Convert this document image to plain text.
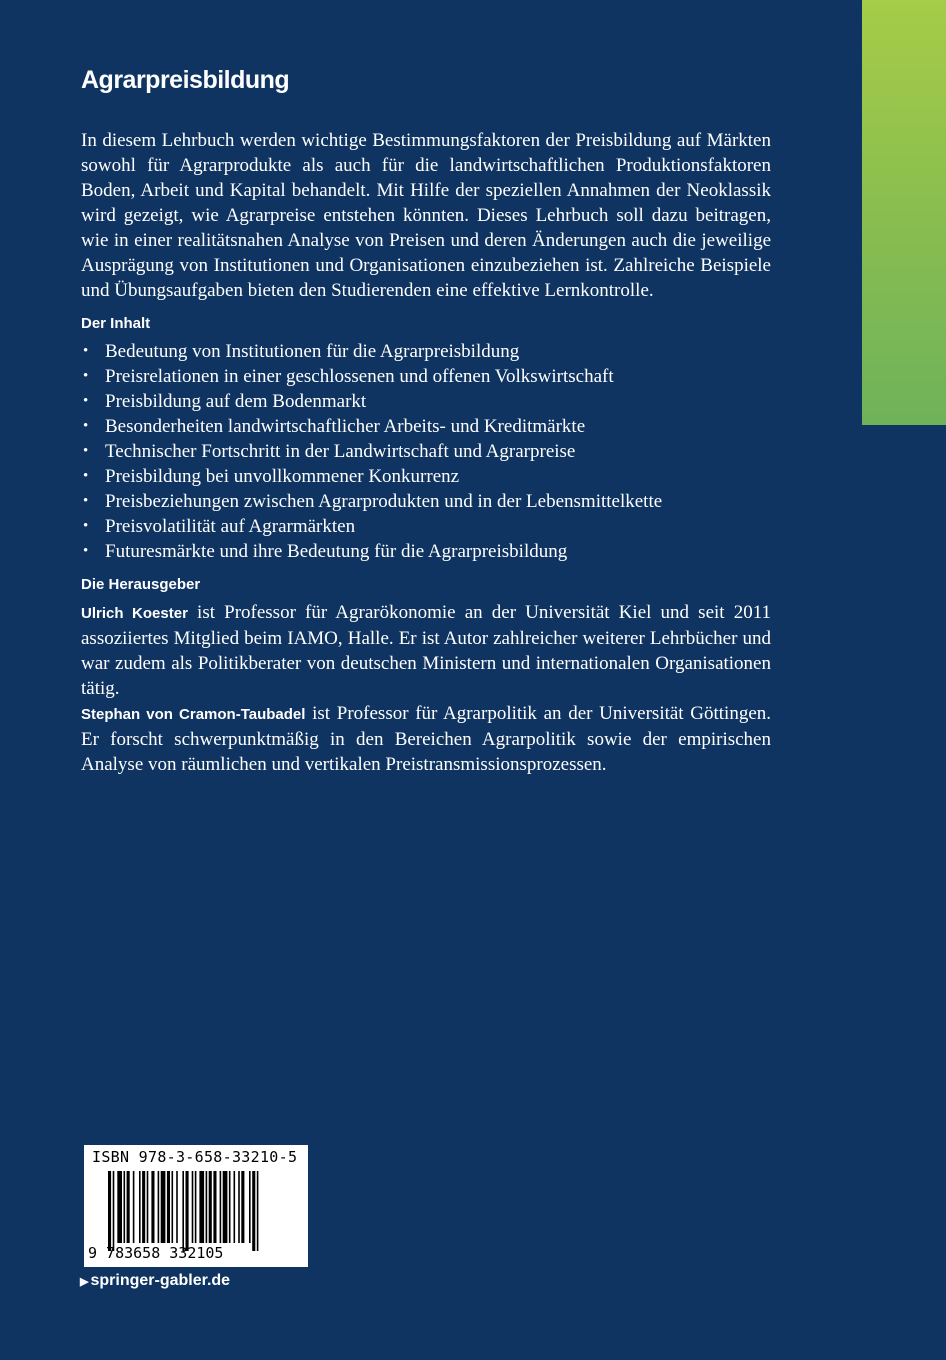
Agrarpreisbildung

In diesem Lehrbuch werden wichtige Bestimmungsfaktoren der Preisbildung auf Märkten sowohl für Agrarprodukte als auch für die landwirtschaftlichen Produktionsfaktoren Boden, Arbeit und Kapital behandelt. Mit Hilfe der speziellen Annahmen der Neoklassik wird gezeigt, wie Agrarpreise entstehen könnten. Dieses Lehrbuch soll dazu beitragen, wie in einer realitätsnahen Analyse von Preisen und deren Änderungen auch die jeweilige Ausprägung von Institutionen und Organisationen einzubeziehen ist. Zahlreiche Beispiele und Übungsaufgaben bieten den Studierenden eine effektive Lernkontrolle.

Der Inhalt
• Bedeutung von Institutionen für die Agrarpreisbildung
• Preisrelationen in einer geschlossenen und offenen Volkswirtschaft
• Preisbildung auf dem Bodenmarkt
• Besonderheiten landwirtschaftlicher Arbeits- und Kreditmärkte
• Technischer Fortschritt in der Landwirtschaft und Agrarpreise
• Preisbildung bei unvollkommener Konkurrenz
• Preisbeziehungen zwischen Agrarprodukten und in der Lebensmittelkette
• Preisvolatilität auf Agrarmärkten
• Futuresmärkte und ihre Bedeutung für die Agrarpreisbildung
Die Herausgeber

Ulrich Koester ist Professor für Agrarökonomie an der Universität Kiel und seit 2011 assoziiertes Mitglied beim IAMO, Halle. Er ist Autor zahlreicher weiterer Lehrbücher und war zudem als Politikberater von deutschen Ministern und internationalen Organisationen tätig.

Stephan von Cramon-Taubadel ist Professor für Agrarpolitik an der Universität Göttingen. Er forscht schwerpunktmäßig in den Bereichen Agrarpolitik sowie der empirischen Analyse von räumlichen und vertikalen Preistransmissionsprozessen.

ISBN 978-3-658-33210-5
9 783658 332105
▶ springer-gabler.de
